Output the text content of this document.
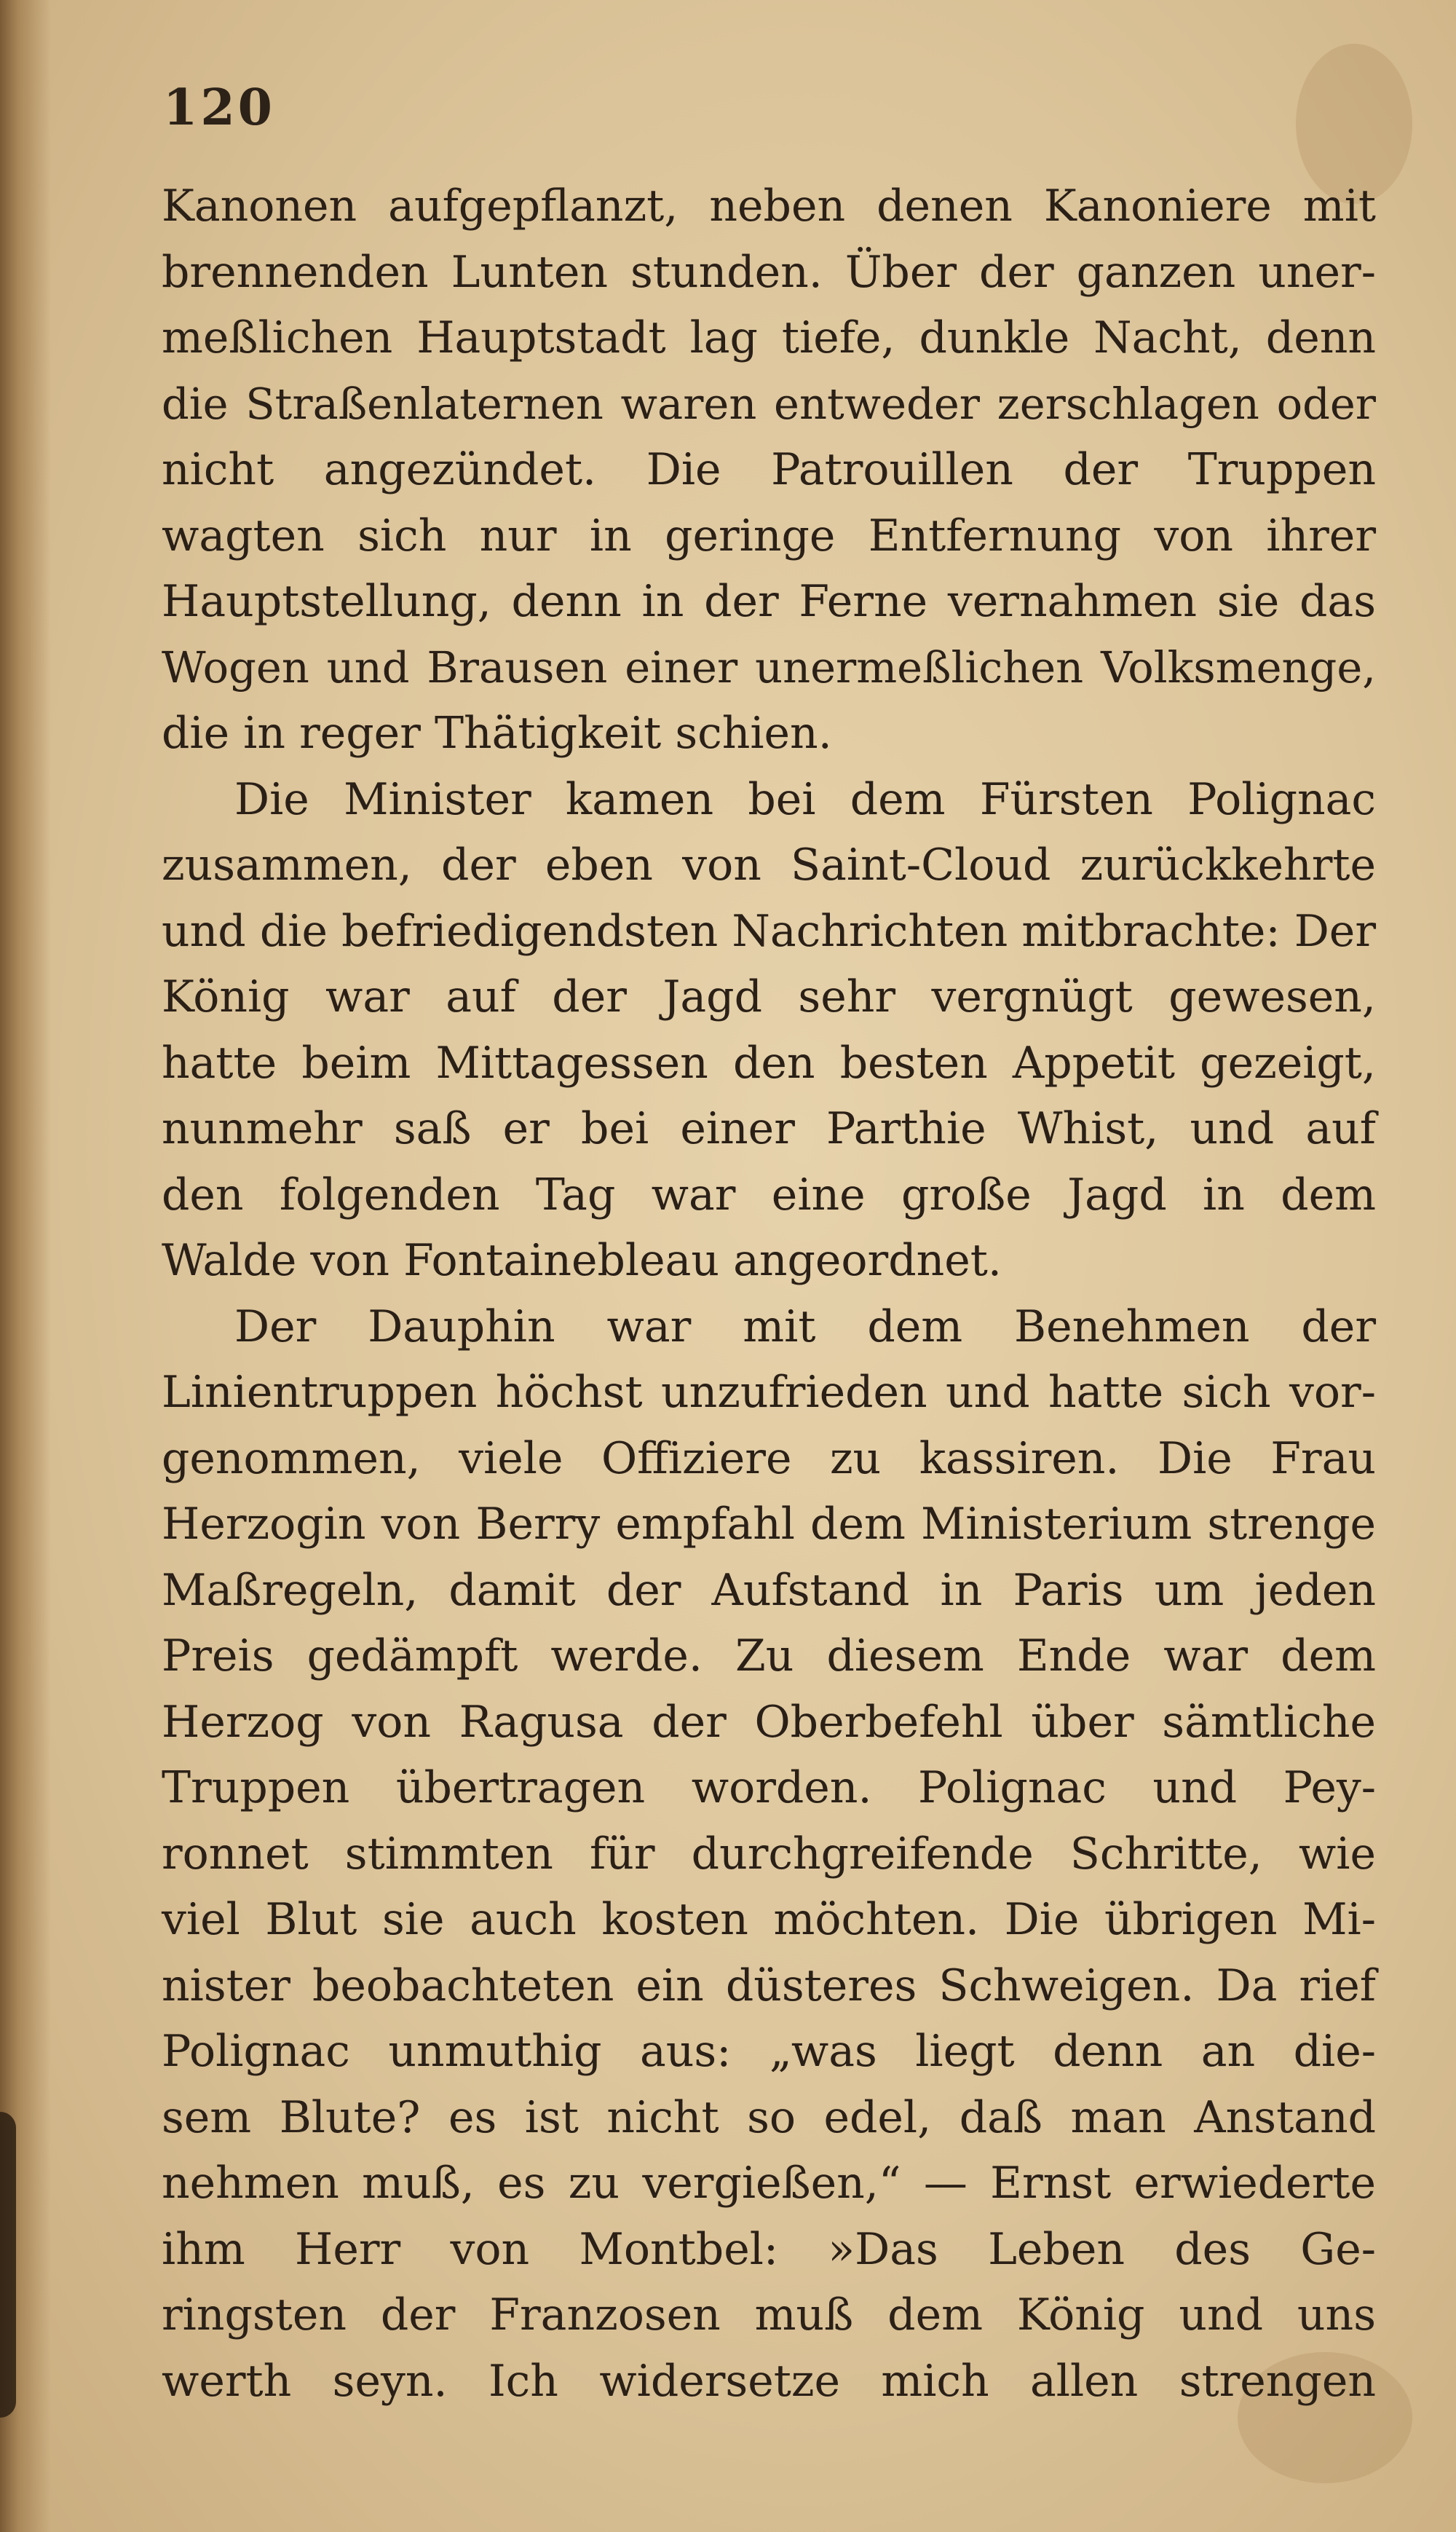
120
Kanonen aufgepflanzt, neben denen Kanoniere mit
brennenden Lunten stunden. Über der ganzen uner-
meßlichen Hauptstadt lag tiefe, dunkle Nacht, denn
die Straßenlaternen waren entweder zerschlagen oder
nicht angezündet. Die Patrouillen der Truppen
wagten sich nur in geringe Entfernung von ihrer
Hauptstellung, denn in der Ferne vernahmen sie das
Wogen und Brausen einer unermeßlichen Volksmenge,
die in reger Thätigkeit schien.
Die Minister kamen bei dem Fürsten Polignac
zusammen, der eben von Saint-Cloud zurückkehrte
und die befriedigendsten Nachrichten mitbrachte: Der
König war auf der Jagd sehr vergnügt gewesen,
hatte beim Mittagessen den besten Appetit gezeigt,
nunmehr saß er bei einer Parthie Whist, und auf
den folgenden Tag war eine große Jagd in dem
Walde von Fontainebleau angeordnet.
Der Dauphin war mit dem Benehmen der
Linientruppen höchst unzufrieden und hatte sich vor-
genommen, viele Offiziere zu kassiren. Die Frau
Herzogin von Berry empfahl dem Ministerium strenge
Maßregeln, damit der Aufstand in Paris um jeden
Preis gedämpft werde. Zu diesem Ende war dem
Herzog von Ragusa der Oberbefehl über sämtliche
Truppen übertragen worden. Polignac und Pey-
ronnet stimmten für durchgreifende Schritte, wie
viel Blut sie auch kosten möchten. Die übrigen Mi-
nister beobachteten ein düsteres Schweigen. Da rief
Polignac unmuthig aus: „was liegt denn an die-
sem Blute? es ist nicht so edel, daß man Anstand
nehmen muß, es zu vergießen,“ — Ernst erwiederte
ihm Herr von Montbel: »Das Leben des Ge-
ringsten der Franzosen muß dem König und uns
werth seyn. Ich widersetze mich allen strengen
